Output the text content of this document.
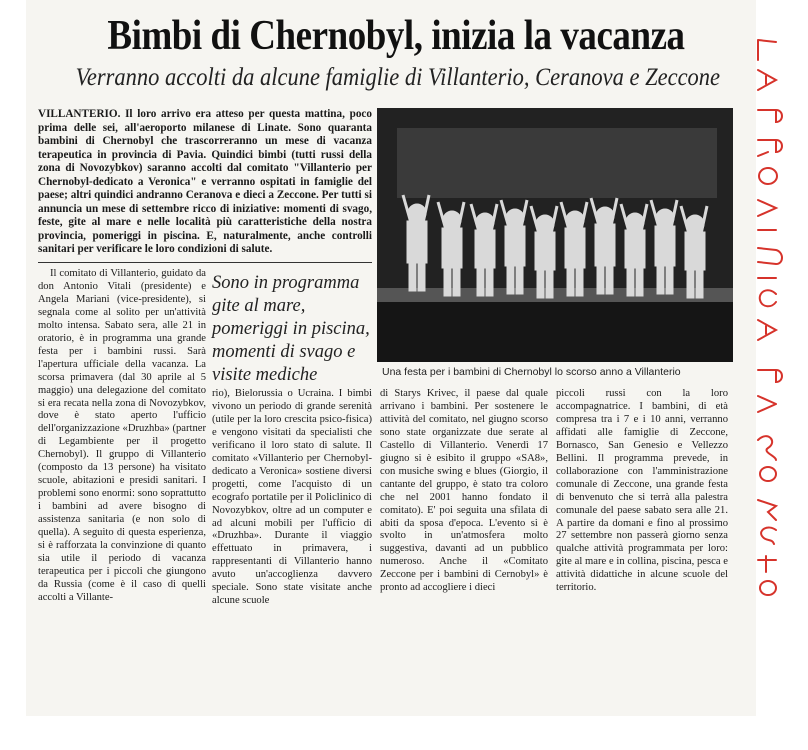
Bimbi di Chernobyl, inizia la vacanza
Verranno accolti da alcune famiglie di Villanterio, Ceranova e Zeccone

VILLANTERIO. Il loro arrivo era atteso per questa mattina, poco prima delle sei, all'aeroporto milanese di Linate. Sono quaranta bambini di Chernobyl che trascorreranno un mese di vacanza terapeutica in provincia di Pavia. Quindici bimbi (tutti russi della zona di Novozybkov) saranno accolti dal comitato "Villanterio per Chernobyl-dedicato a Veronica" e verranno ospitati in famiglie del paese; altri quindici andranno Ceranova e dieci a Zeccone. Per tutti si annuncia un mese di settembre ricco di iniziative: momenti di svago, feste, gite al mare e nelle località più caratteristiche della nostra provincia, pomeriggi in piscina. E, naturalmente, anche controlli sanitari per verificare le loro condizioni di salute.

Il comitato di Villanterio, guidato da don Antonio Vitali (presidente) e Angela Mariani (vice-presidente), si segnala come al solito per un'attività molto intensa. Sabato sera, alle 21 in oratorio, è in programma una grande festa per i bambini russi. Sarà l'apertura ufficiale della vacanza. La scorsa primavera (dal 30 aprile al 5 maggio) una delegazione del comitato si era recata nella zona di Novozybkov, dove è stato aperto l'ufficio dell'organizzazione «Druzhba» (partner di Legambiente per il progetto Chernobyl). Il gruppo di Villanterio (composto da 13 persone) ha visitato scuole, abitazioni e presidi sanitari. I problemi sono enormi: sono soprattutto i bambini ad avere bisogno di assistenza sanitaria (e non solo di quella). A seguito di questa esperienza, si è rafforzata la convinzione di quanto sia utile il periodo di vacanza terapeutica per i piccoli che giungono da Russia (come è il caso di quelli accolti a Villante-

Sono in programma gite al mare, pomeriggi in piscina, momenti di svago e visite mediche

rio), Bielorussia o Ucraina. I bimbi vivono un periodo di grande serenità (utile per la loro crescita psico-fisica) e vengono visitati da specialisti che verificano il loro stato di salute. Il comitato «Villanterio per Chernobyl-dedicato a Veronica» sostiene diversi progetti, come l'acquisto di un ecografo portatile per il Policlinico di Novozybkov, oltre ad un computer e ad alcuni mobili per l'ufficio di «Druzhba». Durante il viaggio effettuato in primavera, i rappresentanti di Villanterio hanno avuto un'accoglienza davvero speciale. Sono state visitate anche alcune scuole

Una festa per i bambini di Chernobyl lo scorso anno a Villanterio

di Starys Krivec, il paese dal quale arrivano i bambini. Per sostenere le attività del comitato, nel giugno scorso sono state organizzate due serate al Castello di Villanterio. Venerdì 17 giugno si è esibito il gruppo «SA8», con musiche swing e blues (Giorgio, il cantante del gruppo, è stato tra coloro che nel 2001 hanno fondato il comitato). E' poi seguita una sfilata di abiti da sposa d'epoca. L'evento si è svolto in un'atmosfera molto suggestiva, davanti ad un pubblico numeroso. Anche il «Comitato Zeccone per i bambini di Cernobyl» è pronto ad accogliere i dieci

piccoli russi con la loro accompagnatrice. I bambini, di età compresa tra i 7 e i 10 anni, verranno affidati alle famiglie di Zeccone, Bornasco, San Genesio e Vellezzo Bellini. Il programma prevede, in collaborazione con l'amministrazione comunale di Zeccone, una grande festa di benvenuto che si terrà alla palestra comunale del paese sabato sera alle 21. A partire da domani e fino al prossimo 27 settembre non passerà giorno senza qualche attività programmata per loro: gite al mare e in collina, piscina, pesca e attività didattiche in alcune scuole del territorio.
